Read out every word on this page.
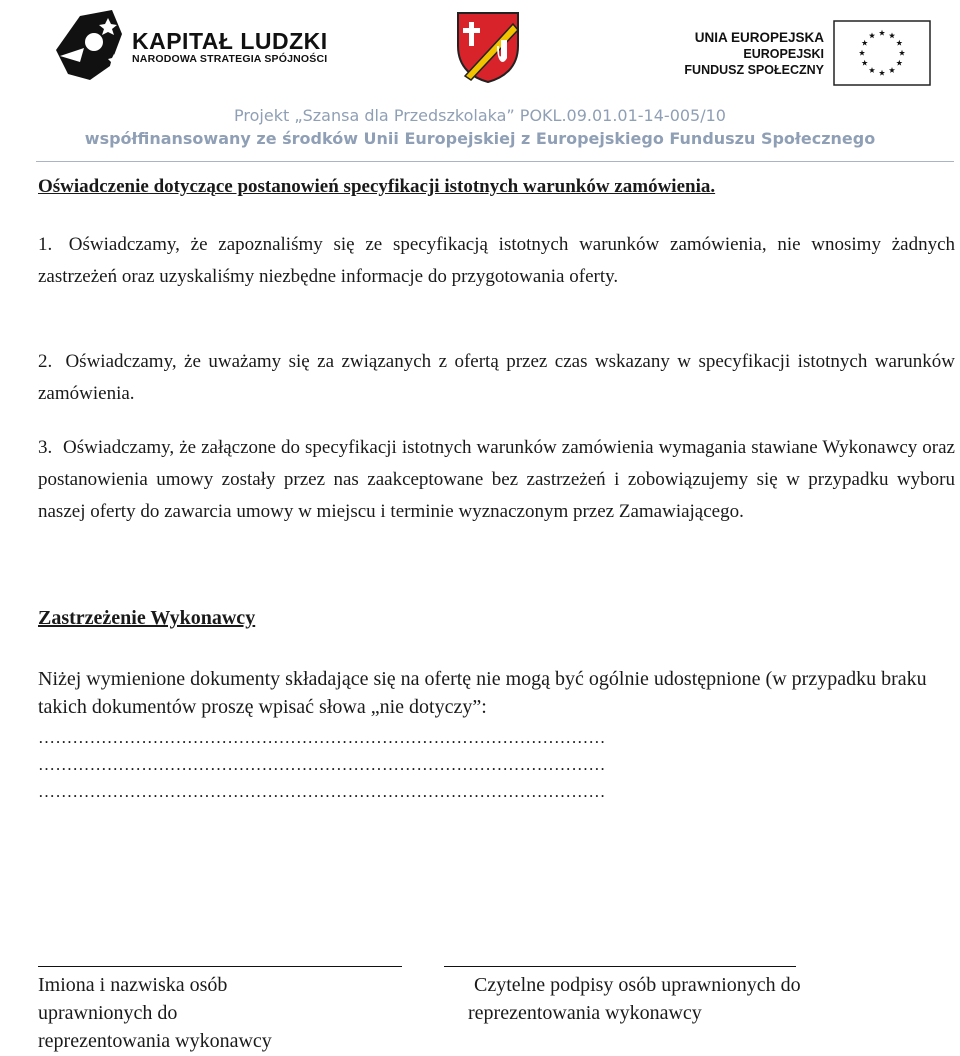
KAPITAŁ LUDZKI
NARODOWA STRATEGIA SPÓJNOŚCI
UNIA EUROPEJSKA
EUROPEJSKI
FUNDUSZ SPOŁECZNY
Projekt „Szansa dla Przedszkolaka” POKL.09.01.01-14-005/10
współfinansowany ze środków Unii Europejskiej z Europejskiego Funduszu Społecznego
Oświadczenie dotyczące postanowień specyfikacji istotnych warunków zamówienia.
1. Oświadczamy, że zapoznaliśmy się ze specyfikacją istotnych warunków zamówienia, nie wnosimy żadnych zastrzeżeń oraz uzyskaliśmy niezbędne informacje do przygotowania oferty.
2. Oświadczamy, że uważamy się za związanych z ofertą przez czas wskazany w specyfikacji istotnych warunków zamówienia.
3. Oświadczamy, że załączone do specyfikacji istotnych warunków zamówienia wymagania stawiane Wykonawcy oraz postanowienia umowy zostały przez nas zaakceptowane bez zastrzeżeń i zobowiązujemy się w przypadku wyboru naszej oferty do zawarcia umowy w miejscu i terminie wyznaczonym przez Zamawiającego.
Zastrzeżenie Wykonawcy
Niżej wymienione dokumenty składające się na ofertę nie mogą być ogólnie udostępnione (w przypadku braku takich dokumentów proszę wpisać słowa „nie dotyczy”:
………………………………………………………………………………………
………………………………………………………………………………………
………………………………………………………………………………………
Imiona i nazwiska osób
uprawnionych do
reprezentowania wykonawcy
Czytelne podpisy osób uprawnionych do
reprezentowania wykonawcy
